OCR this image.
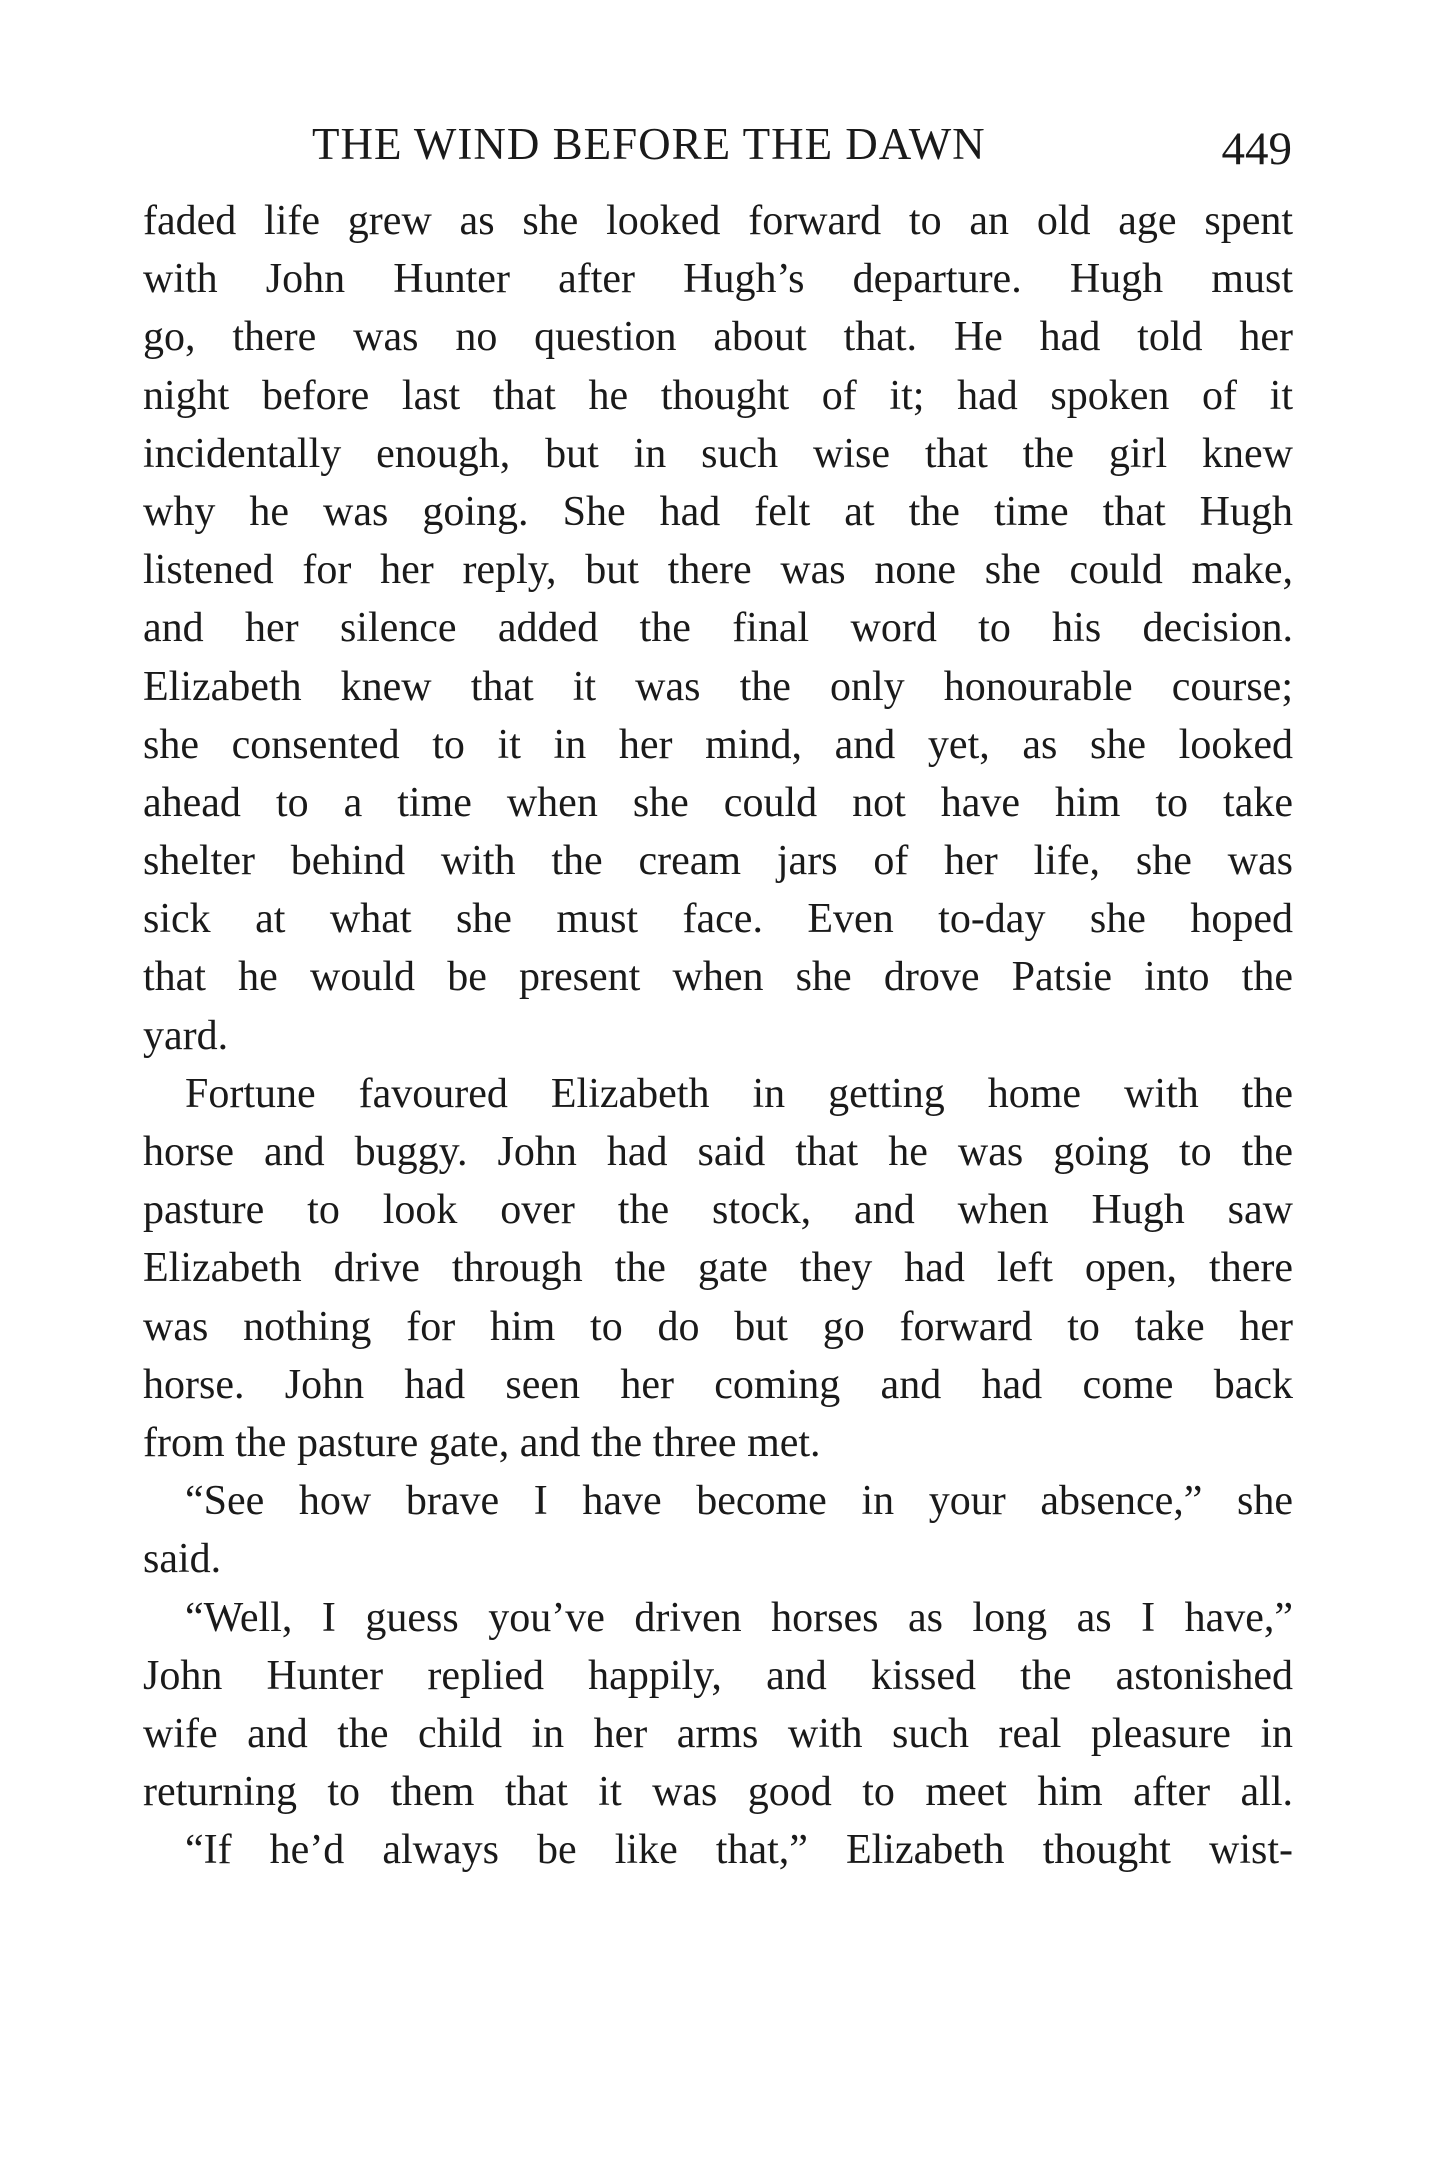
THE WIND BEFORE THE DAWN	449
faded life grew as she looked forward to an old age spent
with John Hunter after Hugh’s departure. Hugh must
go, there was no question about that. He had told her
night before last that he thought of it; had spoken of it
incidentally enough, but in such wise that the girl knew
why he was going. She had felt at the time that Hugh
listened for her reply, but there was none she could make,
and her silence added the final word to his decision.
Elizabeth knew that it was the only honourable course;
she consented to it in her mind, and yet, as she looked
ahead to a time when she could not have him to take
shelter behind with the cream jars of her life, she was
sick at what she must face. Even to-day she hoped
that he would be present when she drove Patsie into the
yard.
Fortune favoured Elizabeth in getting home with the
horse and buggy. John had said that he was going to the
pasture to look over the stock, and when Hugh saw
Elizabeth drive through the gate they had left open, there
was nothing for him to do but go forward to take her
horse. John had seen her coming and had come back
from the pasture gate, and the three met.
“See how brave I have become in your absence,” she
said.
“Well, I guess you’ve driven horses as long as I have,”
John Hunter replied happily, and kissed the astonished
wife and the child in her arms with such real pleasure in
returning to them that it was good to meet him after all.
“If he’d always be like that,” Elizabeth thought wist-
